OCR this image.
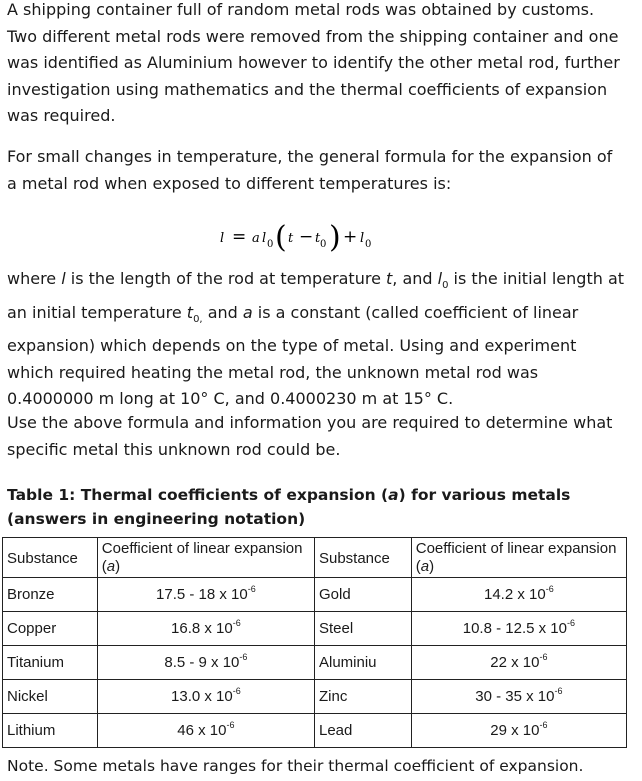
A shipping container full of random metal rods was obtained by customs. Two different metal rods were removed from the shipping container and one was identified as Aluminium however to identify the other metal rod, further investigation using mathematics and the thermal coefficients of expansion was required.
For small changes in temperature, the general formula for the expansion of a metal rod when exposed to different temperatures is:
l = a l 0 ( t − t 0 ) + l 0
where l is the length of the rod at temperature t, and $l_0$ is the initial length at an initial temperature $t_{0,}$ and a is a constant (called coefficient of linear expansion) which depends on the type of metal. Using and experiment which required heating the metal rod, the unknown metal rod was 0.4000000 m long at 10° C, and 0.4000230 m at 15° C.
Use the above formula and information you are required to determine what specific metal this unknown rod could be.
Table 1: Thermal coefficients of expansion (a) for various metals (answers in engineering notation)
Substance	Coefficient of linear expansion (a)	Substance	Coefficient of linear expansion (a)
Bronze	17.5 - 18 x $10^{-6}$	Gold	14.2 x $10^{-6}$
Copper	16.8 x $10^{-6}$	Steel	10.8 - 12.5 x $10^{-6}$
Titanium	8.5 - 9 x $10^{-6}$	Aluminiu	22 x $10^{-6}$
Nickel	13.0 x $10^{-6}$	Zinc	30 - 35 x $10^{-6}$
Lithium	46 x $10^{-6}$	Lead	29 x $10^{-6}$
Note. Some metals have ranges for their thermal coefficient of expansion.
